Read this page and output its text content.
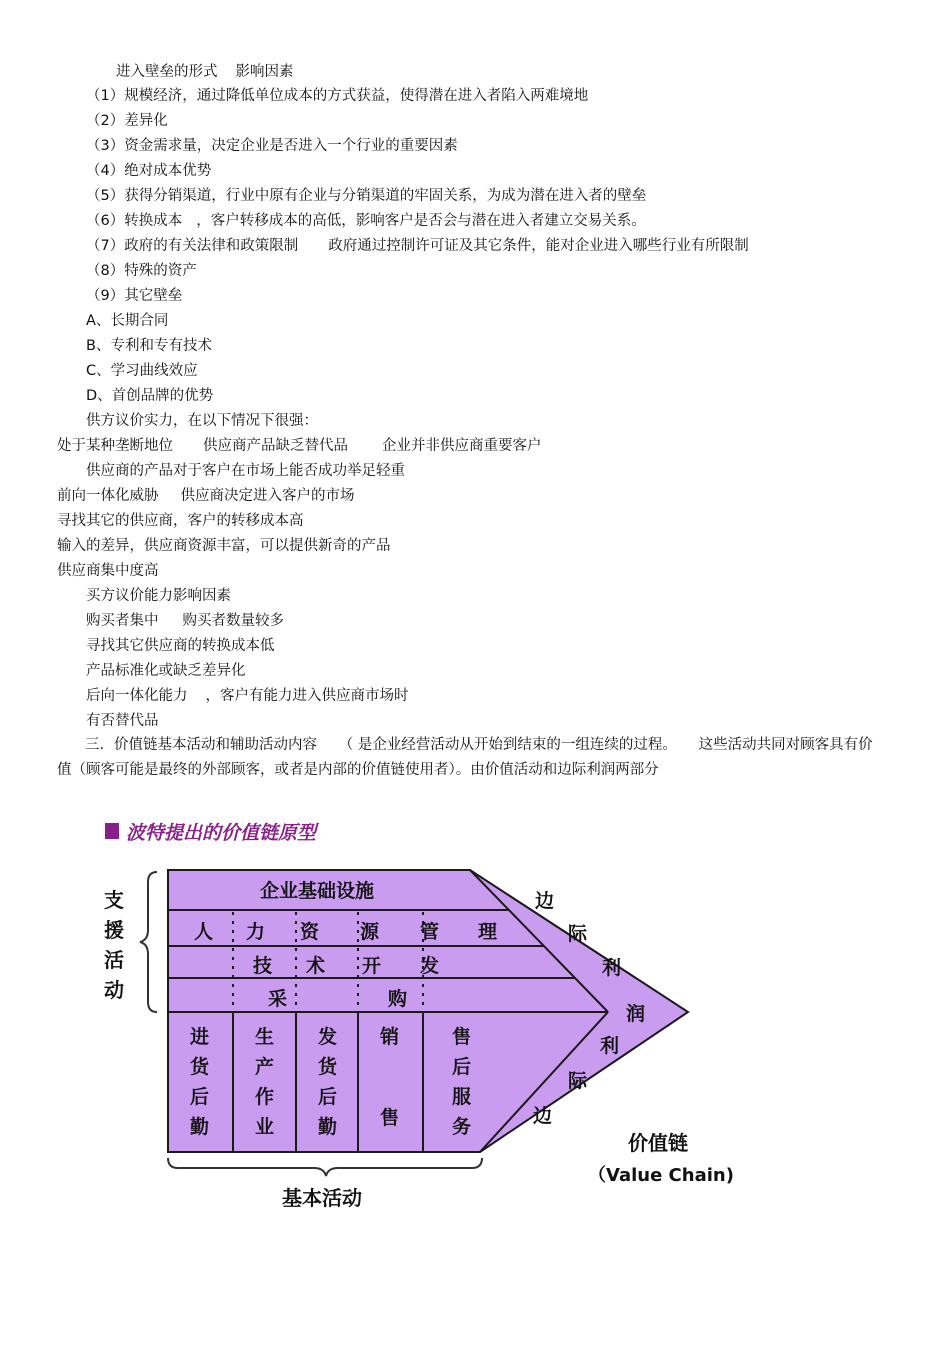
进入壁垒的形式 影响因素
（1）规模经济，通过降低单位成本的方式获益，使得潜在进入者陷入两难境地
（2）差异化
（3）资金需求量，决定企业是否进入一个行业的重要因素
（4）绝对成本优势
（5）获得分销渠道，行业中原有企业与分销渠道的牢固关系，为成为潜在进入者的壁垒
（6）转换成本 ，客户转移成本的高低，影响客户是否会与潜在进入者建立交易关系。
（7）政府的有关法律和政策限制 政府通过控制许可证及其它条件，能对企业进入哪些行业有所限制
（8）特殊的资产
（9）其它壁垒
A、长期合同
B、专利和专有技术
C、学习曲线效应
D、首创品牌的优势
供方议价实力，在以下情况下很强：
处于某种垄断地位 供应商产品缺乏替代品 企业并非供应商重要客户
供应商的产品对于客户在市场上能否成功举足轻重
前向一体化威胁 供应商决定进入客户的市场
寻找其它的供应商，客户的转移成本高
输入的差异，供应商资源丰富，可以提供新奇的产品
供应商集中度高
买方议价能力影响因素
购买者集中 购买者数量较多
寻找其它供应商的转换成本低
产品标准化或缺乏差异化
后向一体化能力 ，客户有能力进入供应商市场时
有否替代品
三．价值链基本活动和辅助活动内容　　（ 是企业经营活动从开始到结束的一组连续的过程。　　这些活动共同对顾客具有价值（顾客可能是最终的外部顾客，或者是内部的价值链使用者）。由价值活动和边际利润两部分
波特提出的价值链原型
支
援
活
动
企业基础设施
人 力 资 源 管 理
技 术 开 发
采	购
进
货
后
勤
生
产
作
业
发
货
后
勤
销
售
售
后
服
务
边
际
利
润
利
际
边
基本活动
价值链
（Value Chain)
